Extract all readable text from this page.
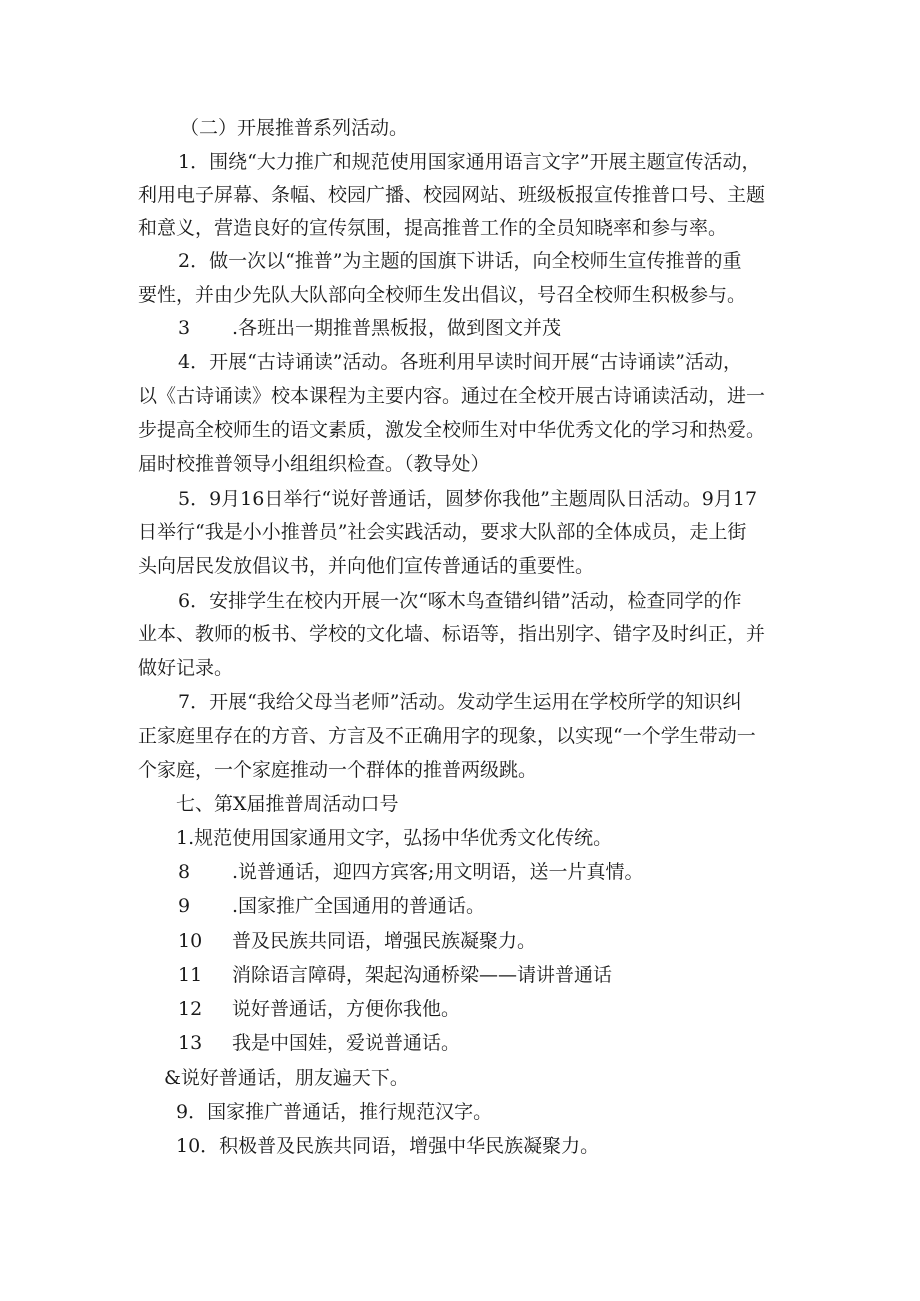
（二）开展推普系列活动。
1．围绕“大力推广和规范使用国家通用语言文字”开展主题宣传活动，
利用电子屏幕、条幅、校园广播、校园网站、班级板报宣传推普口号、主题
和意义，营造良好的宣传氛围，提高推普工作的全员知晓率和参与率。
2．做一次以“推普”为主题的国旗下讲话，向全校师生宣传推普的重
要性，并由少先队大队部向全校师生发出倡议，号召全校师生积极参与。
3 .各班出一期推普黑板报，做到图文并茂
4．开展“古诗诵读”活动。各班利用早读时间开展“古诗诵读”活动，
以《古诗诵读》校本课程为主要内容。通过在全校开展古诗诵读活动，进一
步提高全校师生的语文素质，激发全校师生对中华优秀文化的学习和热爱。
届时校推普领导小组组织检查。（教导处）
5．9月16日举行“说好普通话，圆梦你我他”主题周队日活动。9月17
日举行“我是小小推普员”社会实践活动，要求大队部的全体成员，走上街
头向居民发放倡议书，并向他们宣传普通话的重要性。
6．安排学生在校内开展一次“啄木鸟查错纠错”活动，检查同学的作
业本、教师的板书、学校的文化墙、标语等，指出别字、错字及时纠正，并
做好记录。
7．开展“我给父母当老师”活动。发动学生运用在学校所学的知识纠
正家庭里存在的方音、方言及不正确用字的现象，以实现“一个学生带动一
个家庭，一个家庭推动一个群体的推普两级跳。
七、第X届推普周活动口号
1.规范使用国家通用文字，弘扬中华优秀文化传统。
8 .说普通话，迎四方宾客;用文明语，送一片真情。
9 .国家推广全国通用的普通话。
10 普及民族共同语，增强民族凝聚力。
11 消除语言障碍，架起沟通桥梁——请讲普通话
12 说好普通话，方便你我他。
13 我是中国娃，爱说普通话。
&说好普通话，朋友遍天下。
9．国家推广普通话，推行规范汉字。
10．积极普及民族共同语，增强中华民族凝聚力。
